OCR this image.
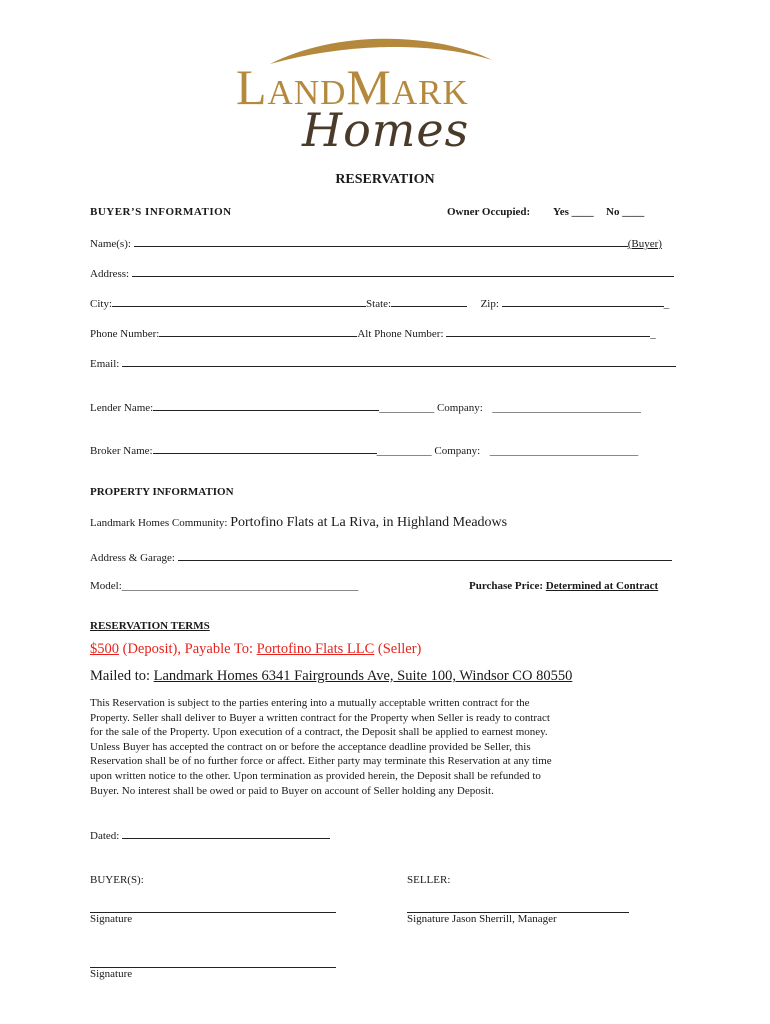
LandMark
Homes
RESERVATION
BUYER’S INFORMATION	Owner Occupied: Yes ____ No ____
Name(s):	(Buyer)
Address:
City:	State:	Zip:	_
Phone Number:	Alt Phone Number:	_
Email:
Lender Name:	__________ Company: ___________________________
Broker Name:	__________ Company: ___________________________
PROPERTY INFORMATION
Landmark Homes Community: Portofino Flats at La Riva, in Highland Meadows
Address & Garage:
Model:___________________________________________	Purchase Price: Determined at Contract
RESERVATION TERMS
$500 (Deposit), Payable To: Portofino Flats LLC (Seller)
Mailed to: Landmark Homes 6341 Fairgrounds Ave, Suite 100, Windsor CO 80550
This Reservation is subject to the parties entering into a mutually acceptable written contract for the
Property. Seller shall deliver to Buyer a written contract for the Property when Seller is ready to contract
for the sale of the Property. Upon execution of a contract, the Deposit shall be applied to earnest money.
Unless Buyer has accepted the contract on or before the acceptance deadline provided be Seller, this
Reservation shall be of no further force or affect. Either party may terminate this Reservation at any time
upon written notice to the other. Upon termination as provided herein, the Deposit shall be refunded to
Buyer. No interest shall be owed or paid to Buyer on account of Seller holding any Deposit.
Dated:
BUYER(S):	SELLER:
Signature	Signature Jason Sherrill, Manager
Signature
